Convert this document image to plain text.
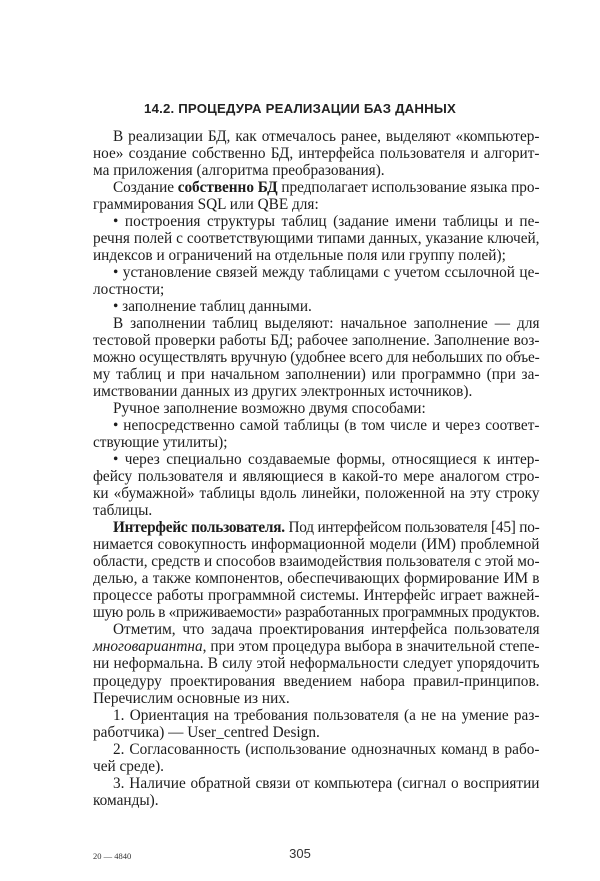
14.2. ПРОЦЕДУРА РЕАЛИЗАЦИИ БАЗ ДАННЫХ
В реализации БД, как отмечалось ранее, выделяют «компьютер-
ное» создание собственно БД, интерфейса пользователя и алгорит-
ма приложения (алгоритма преобразования).
Создание собственно БД предполагает использование языка про-
граммирования SQL или QBE для:
• построения структуры таблиц (задание имени таблицы и пе-
речня полей с соответствующими типами данных, указание ключей,
индексов и ограничений на отдельные поля или группу полей);
• установление связей между таблицами с учетом ссылочной це-
лостности;
• заполнение таблиц данными.
В заполнении таблиц выделяют: начальное заполнение — для
тестовой проверки работы БД; рабочее заполнение. Заполнение воз-
можно осуществлять вручную (удобнее всего для небольших по объе-
му таблиц и при начальном заполнении) или программно (при за-
имствовании данных из других электронных источников).
Ручное заполнение возможно двумя способами:
• непосредственно самой таблицы (в том числе и через соответ-
ствующие утилиты);
• через специально создаваемые формы, относящиеся к интер-
фейсу пользователя и являющиеся в какой-то мере аналогом стро-
ки «бумажной» таблицы вдоль линейки, положенной на эту строку
таблицы.
Интерфейс пользователя. Под интерфейсом пользователя [45] по-
нимается совокупность информационной модели (ИМ) проблемной
области, средств и способов взаимодействия пользователя с этой мо-
делью, а также компонентов, обеспечивающих формирование ИМ в
процессе работы программной системы. Интерфейс играет важней-
шую роль в «приживаемости» разработанных программных продуктов.
Отметим, что задача проектирования интерфейса пользователя
многовариантна, при этом процедура выбора в значительной степе-
ни неформальна. В силу этой неформальности следует упорядочить
процедуру проектирования введением набора правил-принципов.
Перечислим основные из них.
1. Ориентация на требования пользователя (а не на умение раз-
работчика) — User_centred Design.
2. Согласованность (использование однозначных команд в рабо-
чей среде).
3. Наличие обратной связи от компьютера (сигнал о восприятии
команды).
20 — 4840	305
